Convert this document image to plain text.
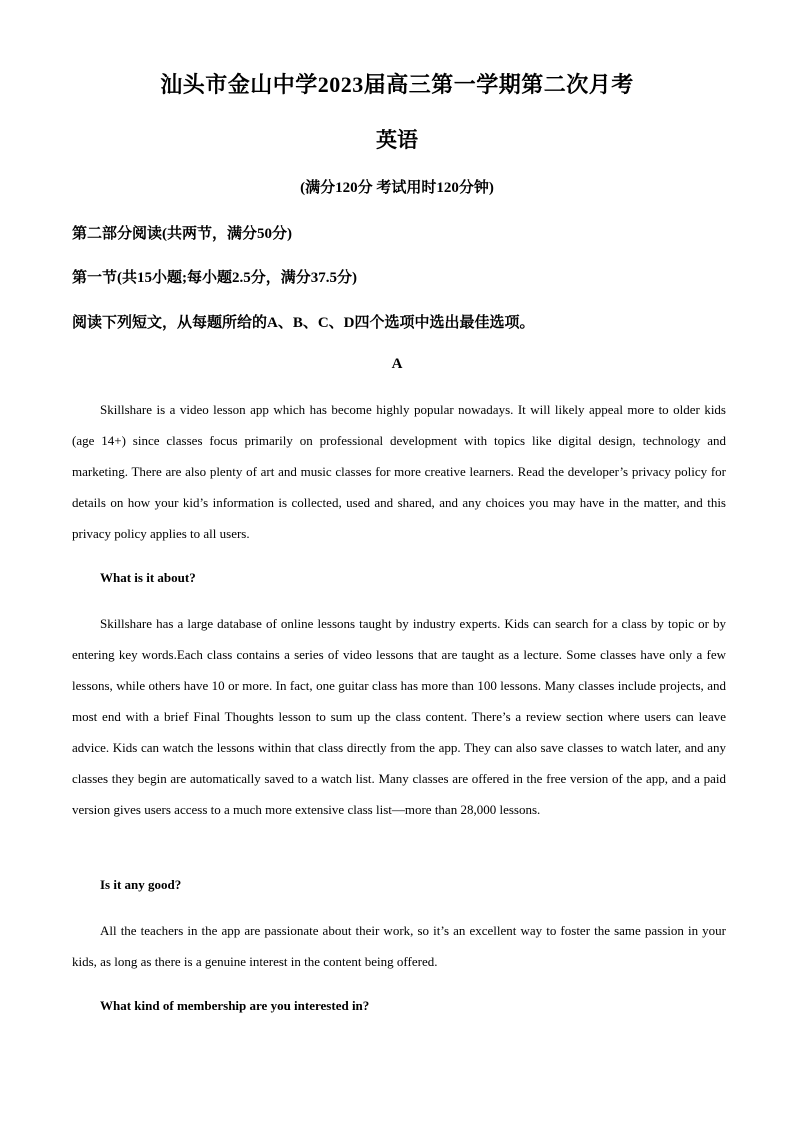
汕头市金山中学2023届高三第一学期第二次月考
英语
(满分120分 考试用时120分钟)
第二部分阅读(共两节，满分50分)
第一节(共15小题;每小题2.5分，满分37.5分)
阅读下列短文，从每题所给的A、B、C、D四个选项中选出最佳选项。
A

Skillshare is a video lesson app which has become highly popular nowadays. It will likely appeal more to older kids (age 14+) since classes focus primarily on professional development with topics like digital design, technology and marketing. There are also plenty of art and music classes for more creative learners. Read the developer’s privacy policy for details on how your kid’s information is collected, used and shared, and any choices you may have in the matter, and this privacy policy applies to all users.

What is it about?

Skillshare has a large database of online lessons taught by industry experts. Kids can search for a class by topic or by entering key words.Each class contains a series of video lessons that are taught as a lecture. Some classes have only a few lessons, while others have 10 or more. In fact, one guitar class has more than 100 lessons. Many classes include projects, and most end with a brief Final Thoughts lesson to sum up the class content. There’s a review section where users can leave advice. Kids can watch the lessons within that class directly from the app. They can also save classes to watch later, and any classes they begin are automatically saved to a watch list. Many classes are offered in the free version of the app, and a paid version gives users access to a much more extensive class list—more than 28,000 lessons.

Is it any good?

All the teachers in the app are passionate about their work, so it’s an excellent way to foster the same passion in your kids, as long as there is a genuine interest in the content being offered.

What kind of membership are you interested in?
